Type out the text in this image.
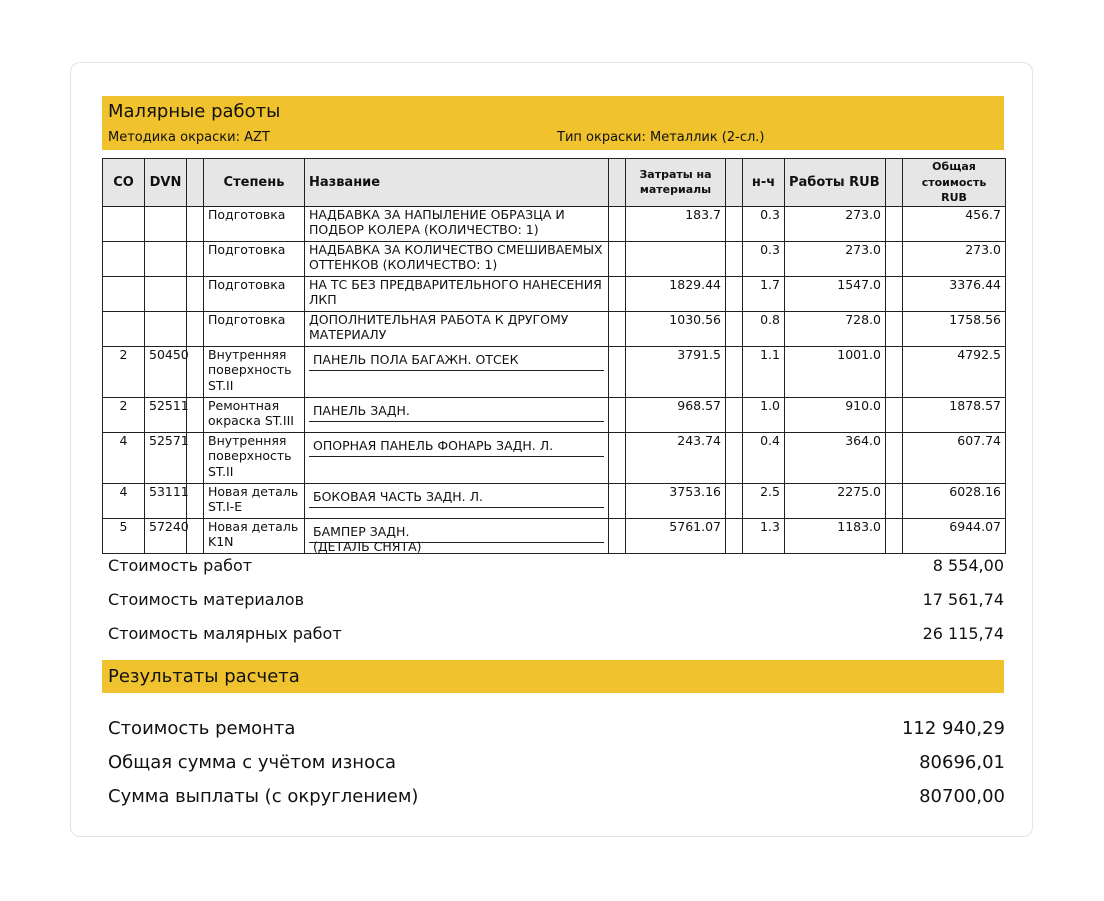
Малярные работы
Методика окраски: AZT	Тип окраски: Металлик (2-сл.)
CO	DVN		Степень	Название		Затраты на материалы		н-ч	Работы RUB		Общая стоимость RUB
			Подготовка	НАДБАВКА ЗА НАПЫЛЕНИЕ ОБРАЗЦА И ПОДБОР КОЛЕРА (КОЛИЧЕСТВО: 1)		183.7		0.3	273.0		456.7
			Подготовка	НАДБАВКА ЗА КОЛИЧЕСТВО СМЕШИВАЕМЫХ ОТТЕНКОВ (КОЛИЧЕСТВО: 1)				0.3	273.0		273.0
			Подготовка	НА ТС БЕЗ ПРЕДВАРИТЕЛЬНОГО НАНЕСЕНИЯ ЛКП		1829.44		1.7	1547.0		3376.44
			Подготовка	ДОПОЛНИТЕЛЬНАЯ РАБОТА К ДРУГОМУ МАТЕРИАЛУ		1030.56		0.8	728.0		1758.56
2	50450		Внутренняя поверхность ST.II	ПАНЕЛЬ ПОЛА БАГАЖН. ОТСЕК		3791.5		1.1	1001.0		4792.5
2	52511		Ремонтная окраска ST.III	ПАНЕЛЬ ЗАДН.		968.57		1.0	910.0		1878.57
4	52571		Внутренняя поверхность ST.II	ОПОРНАЯ ПАНЕЛЬ ФОНАРЬ ЗАДН. Л.		243.74		0.4	364.0		607.74
4	53111		Новая деталь ST.I-E	БОКОВАЯ ЧАСТЬ ЗАДН. Л.		3753.16		2.5	2275.0		6028.16
5	57240		Новая деталь K1N	БАМПЕР ЗАДН.
(ДЕТАЛЬ СНЯТА)		5761.07		1.3	1183.0		6944.07
Стоимость работ	8 554,00
Стоимость материалов	17 561,74
Стоимость малярных работ	26 115,74
Результаты расчета
Стоимость ремонта	112 940,29
Общая сумма с учётом износа	80696,01
Сумма выплаты (с округлением)	80700,00
